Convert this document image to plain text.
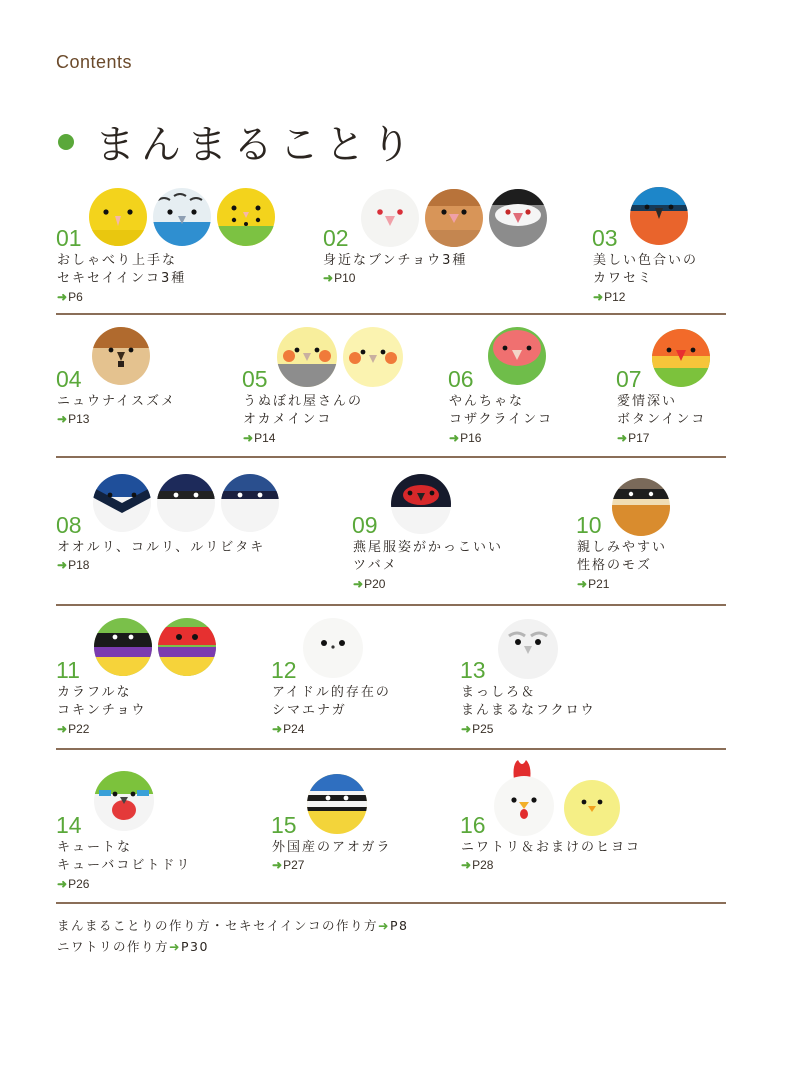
Contents
まんまることり
01
おしゃべり上手な
セキセイインコ3種
➜P6
02
身近なブンチョウ3種
➜P10
03
美しい色合いの
カワセミ
➜P12
04
ニュウナイスズメ
➜P13
05
うぬぼれ屋さんの
オカメインコ
➜P14
06
やんちゃな
コザクラインコ
➜P16
07
愛情深い
ボタンインコ
➜P17
08
オオルリ、コルリ、ルリビタキ
➜P18
09
燕尾服姿がかっこいい
ツバメ
➜P20
10
親しみやすい
性格のモズ
➜P21
11
カラフルな
コキンチョウ
➜P22
12
アイドル的存在の
シマエナガ
➜P24
13
まっしろ＆
まんまるなフクロウ
➜P25
14
キュートな
キューバコビトドリ
➜P26
15
外国産のアオガラ
➜P27
16
ニワトリ＆おまけのヒヨコ
➜P28
まんまることりの作り方・セキセイインコの作り方➜P8
ニワトリの作り方➜P30
